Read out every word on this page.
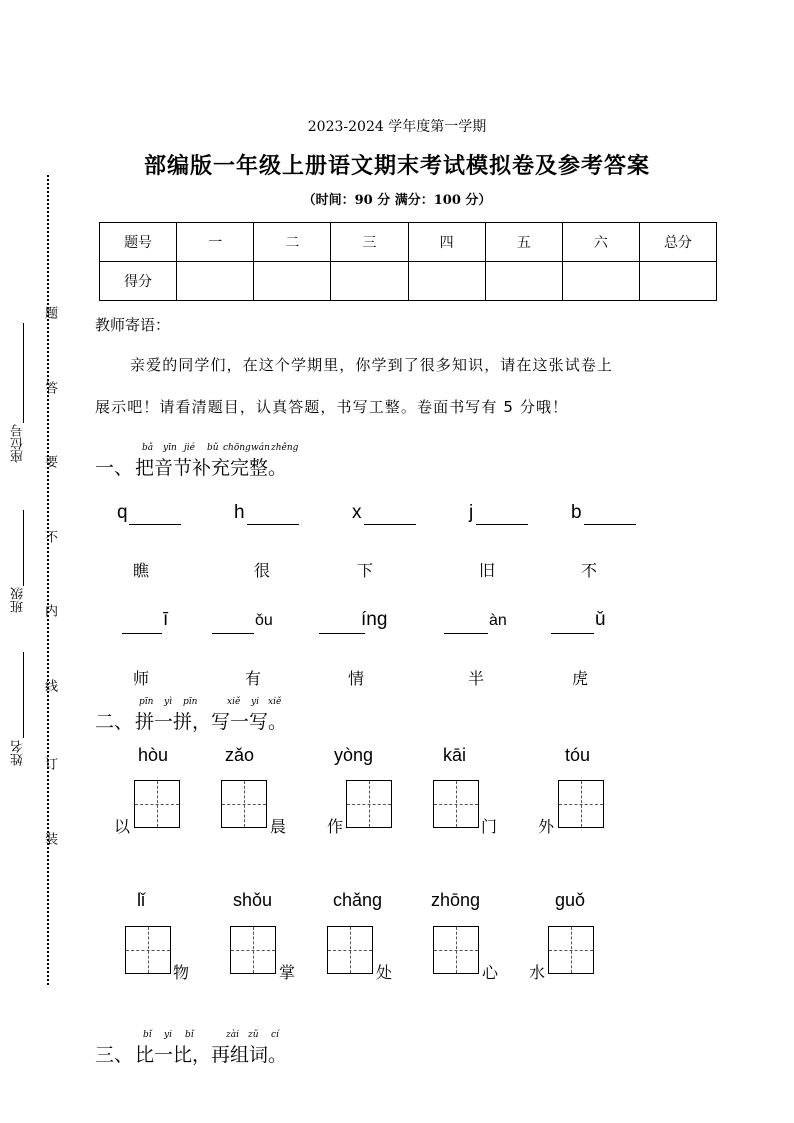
题
答
要
不
内
线
订
装
座位号
班级
姓名
2023-2024 学年度第一学期
部编版一年级上册语文期末考试模拟卷及参考答案
（时间：90 分 满分：100 分）
题号	一	二	三	四	五	六	总分
得分							
教师寄语：
亲爱的同学们，在这个学期里，你学到了很多知识，请在这张试卷上
展示吧！请看清题目，认真答题，书写工整。卷面书写有 5 分哦！
bǎ yīn jié bǔ chōng wán zhěng
一、 把音节补充完整。
q	h	x	j	b
瞧	很	下	旧	不
ī	ǒu	íng	àn	ǔ
师	有	情	半	虎
pīn yì pīn	xiě yi xiě
二、 拼一拼，写一写。
hòu	zǎo	yòng	kāi	tóu
以	晨	作	门	外
lǐ	shǒu	chǎng	zhōng	guǒ
物	掌	处	心 水
bǐ yi bǐ	zài zǔ cí
三、 比一比，再组词。
